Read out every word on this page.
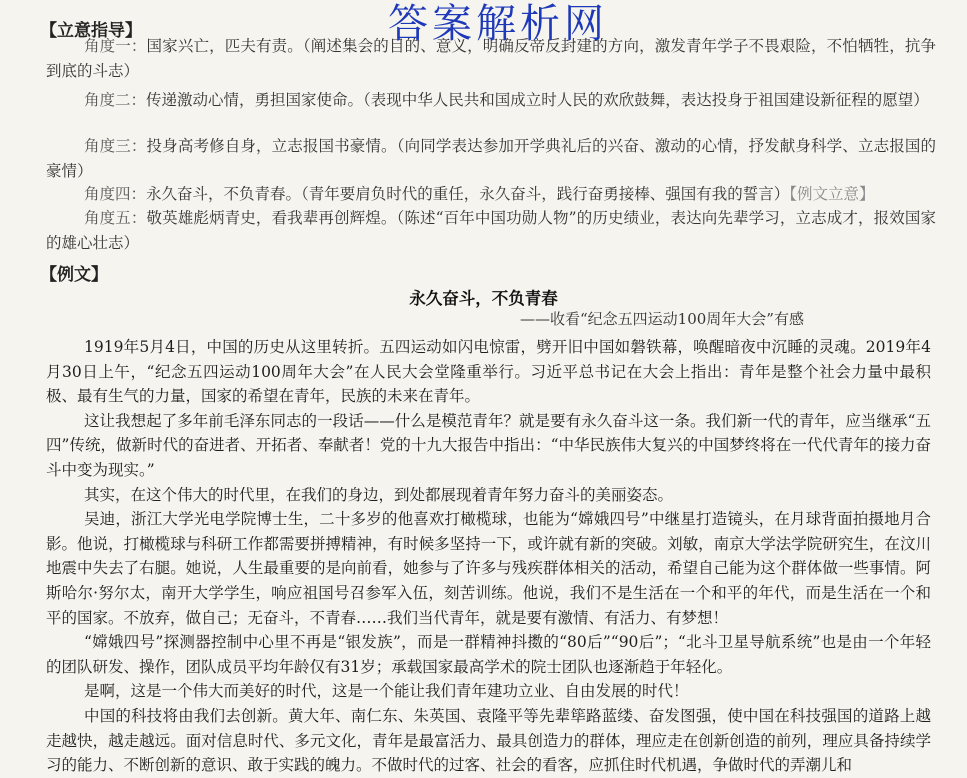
答案解析网
【立意指导】

角度一：国家兴亡，匹夫有责。（阐述集会的目的、意义，明确反帝反封建的方向，激发青年学子不畏艰险，不怕牺牲，抗争到底的斗志）

角度二：传递激动心情，勇担国家使命。（表现中华人民共和国成立时人民的欢欣鼓舞，表达投身于祖国建设新征程的愿望）

角度三：投身高考修自身，立志报国书豪情。（向同学表达参加开学典礼后的兴奋、激动的心情，抒发献身科学、立志报国的豪情）

角度四：永久奋斗，不负青春。（青年要肩负时代的重任，永久奋斗，践行奋勇接棒、强国有我的誓言）【例文立意】

角度五：敬英雄彪炳青史，看我辈再创辉煌。（陈述“百年中国功勋人物”的历史绩业，表达向先辈学习，立志成才，报效国家的雄心壮志）

【例文】
永久奋斗，不负青春
——收看“纪念五四运动100周年大会”有感

1919年5月4日，中国的历史从这里转折。五四运动如闪电惊雷，劈开旧中国如磐铁幕，唤醒暗夜中沉睡的灵魂。2019年4月30日上午，“纪念五四运动100周年大会”在人民大会堂隆重举行。习近平总书记在大会上指出：青年是整个社会力量中最积极、最有生气的力量，国家的希望在青年，民族的未来在青年。

这让我想起了多年前毛泽东同志的一段话——什么是模范青年？就是要有永久奋斗这一条。我们新一代的青年，应当继承“五四”传统，做新时代的奋进者、开拓者、奉献者！党的十九大报告中指出：“中华民族伟大复兴的中国梦终将在一代代青年的接力奋斗中变为现实。”

其实，在这个伟大的时代里，在我们的身边，到处都展现着青年努力奋斗的美丽姿态。

吴迪，浙江大学光电学院博士生，二十多岁的他喜欢打橄榄球，也能为“嫦娥四号”中继星打造镜头，在月球背面拍摄地月合影。他说，打橄榄球与科研工作都需要拼搏精神，有时候多坚持一下，或许就有新的突破。刘敏，南京大学法学院研究生，在汶川地震中失去了右腿。她说，人生最重要的是向前看，她参与了许多与残疾群体相关的活动，希望自己能为这个群体做一些事情。阿斯哈尔·努尔太，南开大学学生，响应祖国号召参军入伍，刻苦训练。他说，我们不是生活在一个和平的年代，而是生活在一个和平的国家。不放弃，做自己；无奋斗，不青春……我们当代青年，就是要有激情、有活力、有梦想！

“嫦娥四号”探测器控制中心里不再是“银发族”，而是一群精神抖擞的“80后”“90后”；“北斗卫星导航系统”也是由一个年轻的团队研发、操作，团队成员平均年龄仅有31岁；承载国家最高学术的院士团队也逐渐趋于年轻化。

是啊，这是一个伟大而美好的时代，这是一个能让我们青年建功立业、自由发展的时代！

中国的科技将由我们去创新。黄大年、南仁东、朱英国、袁隆平等先辈筚路蓝缕、奋发图强，使中国在科技强国的道路上越走越快，越走越远。面对信息时代、多元文化，青年是最富活力、最具创造力的群体，理应走在创新创造的前列，理应具备持续学习的能力、不断创新的意识、敢于实践的魄力。不做时代的过客、社会的看客，应抓住时代机遇，争做时代的弄潮儿和
